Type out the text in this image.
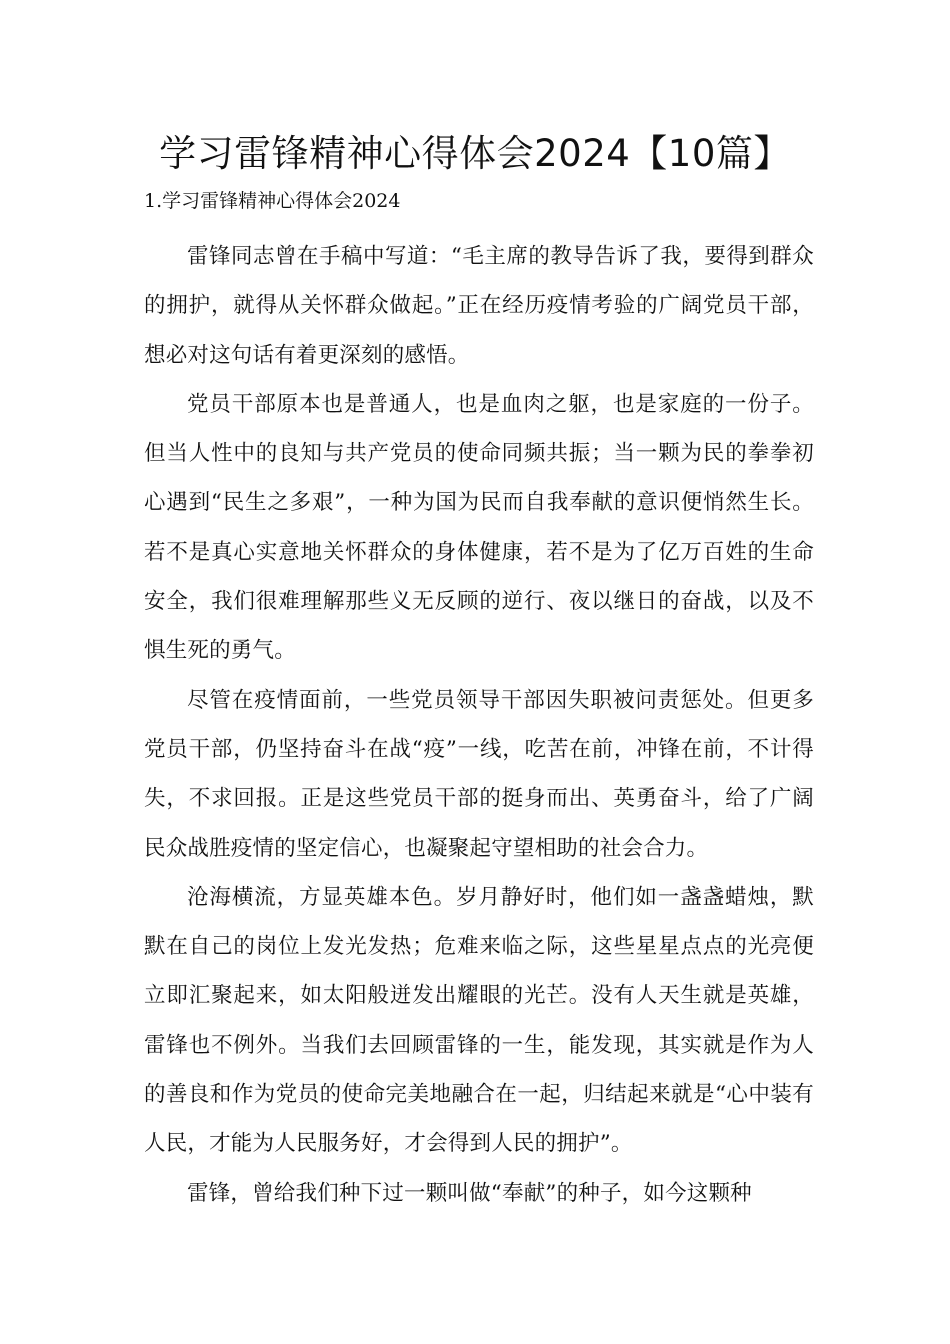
学习雷锋精神心得体会2024【10篇】
1.学习雷锋精神心得体会2024

雷锋同志曾在手稿中写道：“毛主席的教导告诉了我，要得到群众的拥护，就得从关怀群众做起。”正在经历疫情考验的广阔党员干部，想必对这句话有着更深刻的感悟。

党员干部原本也是普通人，也是血肉之躯，也是家庭的一份子。但当人性中的良知与共产党员的使命同频共振；当一颗为民的拳拳初心遇到“民生之多艰”，一种为国为民而自我奉献的意识便悄然生长。若不是真心实意地关怀群众的身体健康，若不是为了亿万百姓的生命安全，我们很难理解那些义无反顾的逆行、夜以继日的奋战，以及不惧生死的勇气。

尽管在疫情面前，一些党员领导干部因失职被问责惩处。但更多党员干部，仍坚持奋斗在战“疫”一线，吃苦在前，冲锋在前，不计得失，不求回报。正是这些党员干部的挺身而出、英勇奋斗，给了广阔民众战胜疫情的坚定信心，也凝聚起守望相助的社会合力。

沧海横流，方显英雄本色。岁月静好时，他们如一盏盏蜡烛，默默在自己的岗位上发光发热；危难来临之际，这些星星点点的光亮便立即汇聚起来，如太阳般迸发出耀眼的光芒。没有人天生就是英雄，雷锋也不例外。当我们去回顾雷锋的一生，能发现，其实就是作为人的善良和作为党员的使命完美地融合在一起，归结起来就是“心中装有人民，才能为人民服务好，才会得到人民的拥护”。

雷锋，曾给我们种下过一颗叫做“奉献”的种子，如今这颗种
